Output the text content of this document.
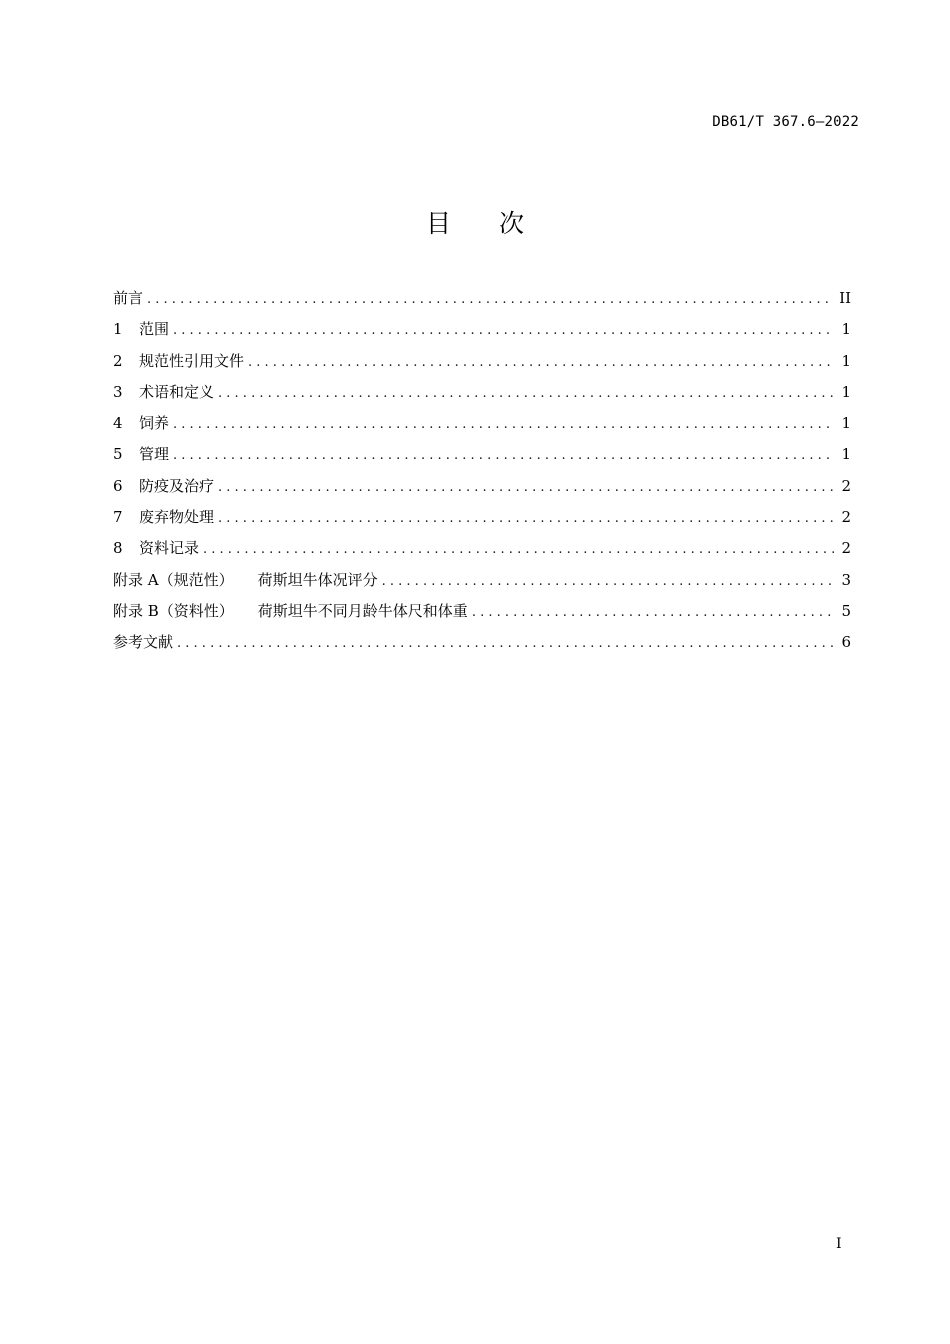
DB61/T 367.6—2022
目次
前言 . . .	II
1	范围 . . .	1
2	规范性引用文件 . . .	1
3	术语和定义 . . .	1
4	饲养 . . .	1
5	管理 . . .	1
6	防疫及治疗 . . .	2
7	废弃物处理 . . .	2
8	资料记录 . . .	2
附录 A（规范性） 荷斯坦牛体况评分 . . .	3
附录 B（资料性） 荷斯坦牛不同月龄牛体尺和体重 . . .	5
参考文献 . . .	6
I
